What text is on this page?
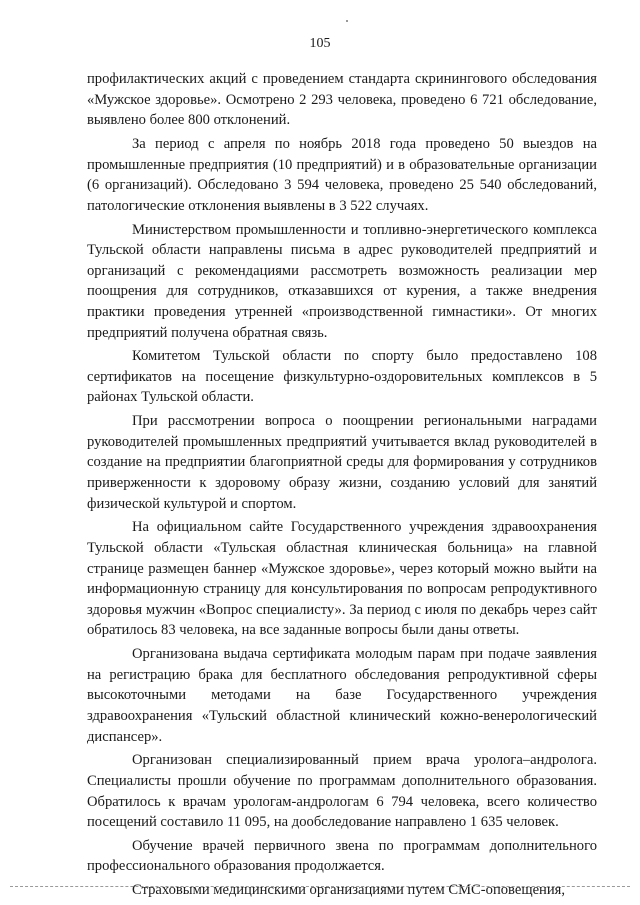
105

профилактических акций с проведением стандарта скринингового обследования «Мужское здоровье». Осмотрено 2 293 человека, проведено 6 721 обследование, выявлено более 800 отклонений.

За период с апреля по ноябрь 2018 года проведено 50 выездов на промышленные предприятия (10 предприятий) и в образовательные организации (6 организаций). Обследовано 3 594 человека, проведено 25 540 обследований, патологические отклонения выявлены в 3 522 случаях.

Министерством промышленности и топливно-энергетического комплекса Тульской области направлены письма в адрес руководителей предприятий и организаций с рекомендациями рассмотреть возможность реализации мер поощрения для сотрудников, отказавшихся от курения, а также внедрения практики проведения утренней «производственной гимнастики». От многих предприятий получена обратная связь.

Комитетом Тульской области по спорту было предоставлено 108 сертификатов на посещение физкультурно-оздоровительных комплексов в 5 районах Тульской области.

При рассмотрении вопроса о поощрении региональными наградами руководителей промышленных предприятий учитывается вклад руководителей в создание на предприятии благоприятной среды для формирования у сотрудников приверженности к здоровому образу жизни, созданию условий для занятий физической культурой и спортом.

На официальном сайте Государственного учреждения здравоохранения Тульской области «Тульская областная клиническая больница» на главной странице размещен баннер «Мужское здоровье», через который можно выйти на информационную страницу для консультирования по вопросам репродуктивного здоровья мужчин «Вопрос специалисту». За период с июля по декабрь через сайт обратилось 83 человека, на все заданные вопросы были даны ответы.

Организована выдача сертификата молодым парам при подаче заявления на регистрацию брака для бесплатного обследования репродуктивной сферы высокоточными методами на базе Государственного учреждения здравоохранения «Тульский областной клинический кожно-венерологический диспансер».

Организован специализированный прием врача уролога–андролога. Специалисты прошли обучение по программам дополнительного образования. Обратилось к врачам урологам-андрологам 6 794 человека, всего количество посещений составило 11 095, на дообследование направлено 1 635 человек.

Обучение врачей первичного звена по программам дополнительного профессионального образования продолжается.

Страховыми медицинскими организациями путем СМС-оповещения,
